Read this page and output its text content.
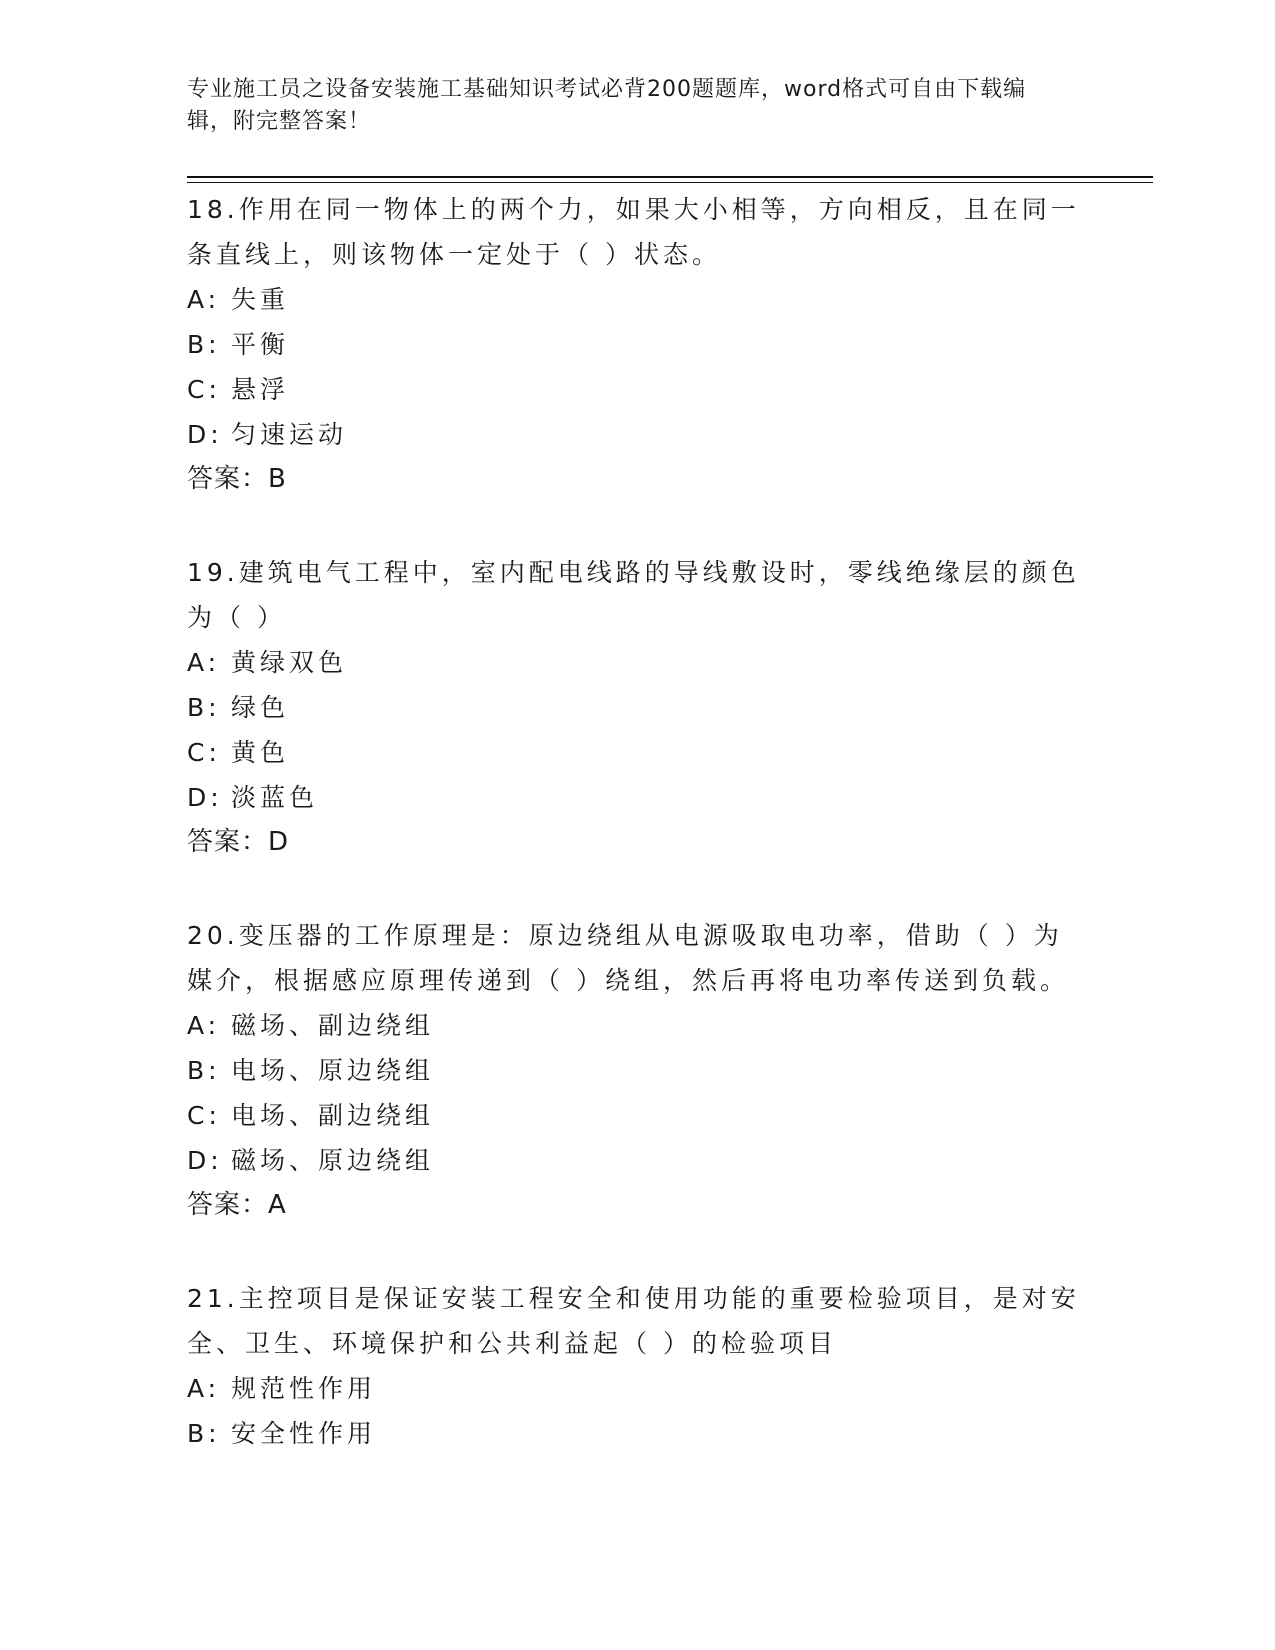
专业施工员之设备安装施工基础知识考试必背200题题库，word格式可自由下载编辑，附完整答案！

18.作用在同一物体上的两个力，如果大小相等，方向相反，且在同一条直线上，则该物体一定处于（ ）状态。

A: 失重

B: 平衡

C: 悬浮

D: 匀速运动

答案：B

19.建筑电气工程中，室内配电线路的导线敷设时，零线绝缘层的颜色为（ ）

A: 黄绿双色

B: 绿色

C: 黄色

D: 淡蓝色

答案：D

20.变压器的工作原理是：原边绕组从电源吸取电功率，借助（ ）为媒介，根据感应原理传递到（ ）绕组，然后再将电功率传送到负载。

A: 磁场、副边绕组

B: 电场、原边绕组

C: 电场、副边绕组

D: 磁场、原边绕组

答案：A

21.主控项目是保证安装工程安全和使用功能的重要检验项目，是对安全、卫生、环境保护和公共利益起（ ）的检验项目

A: 规范性作用

B: 安全性作用
